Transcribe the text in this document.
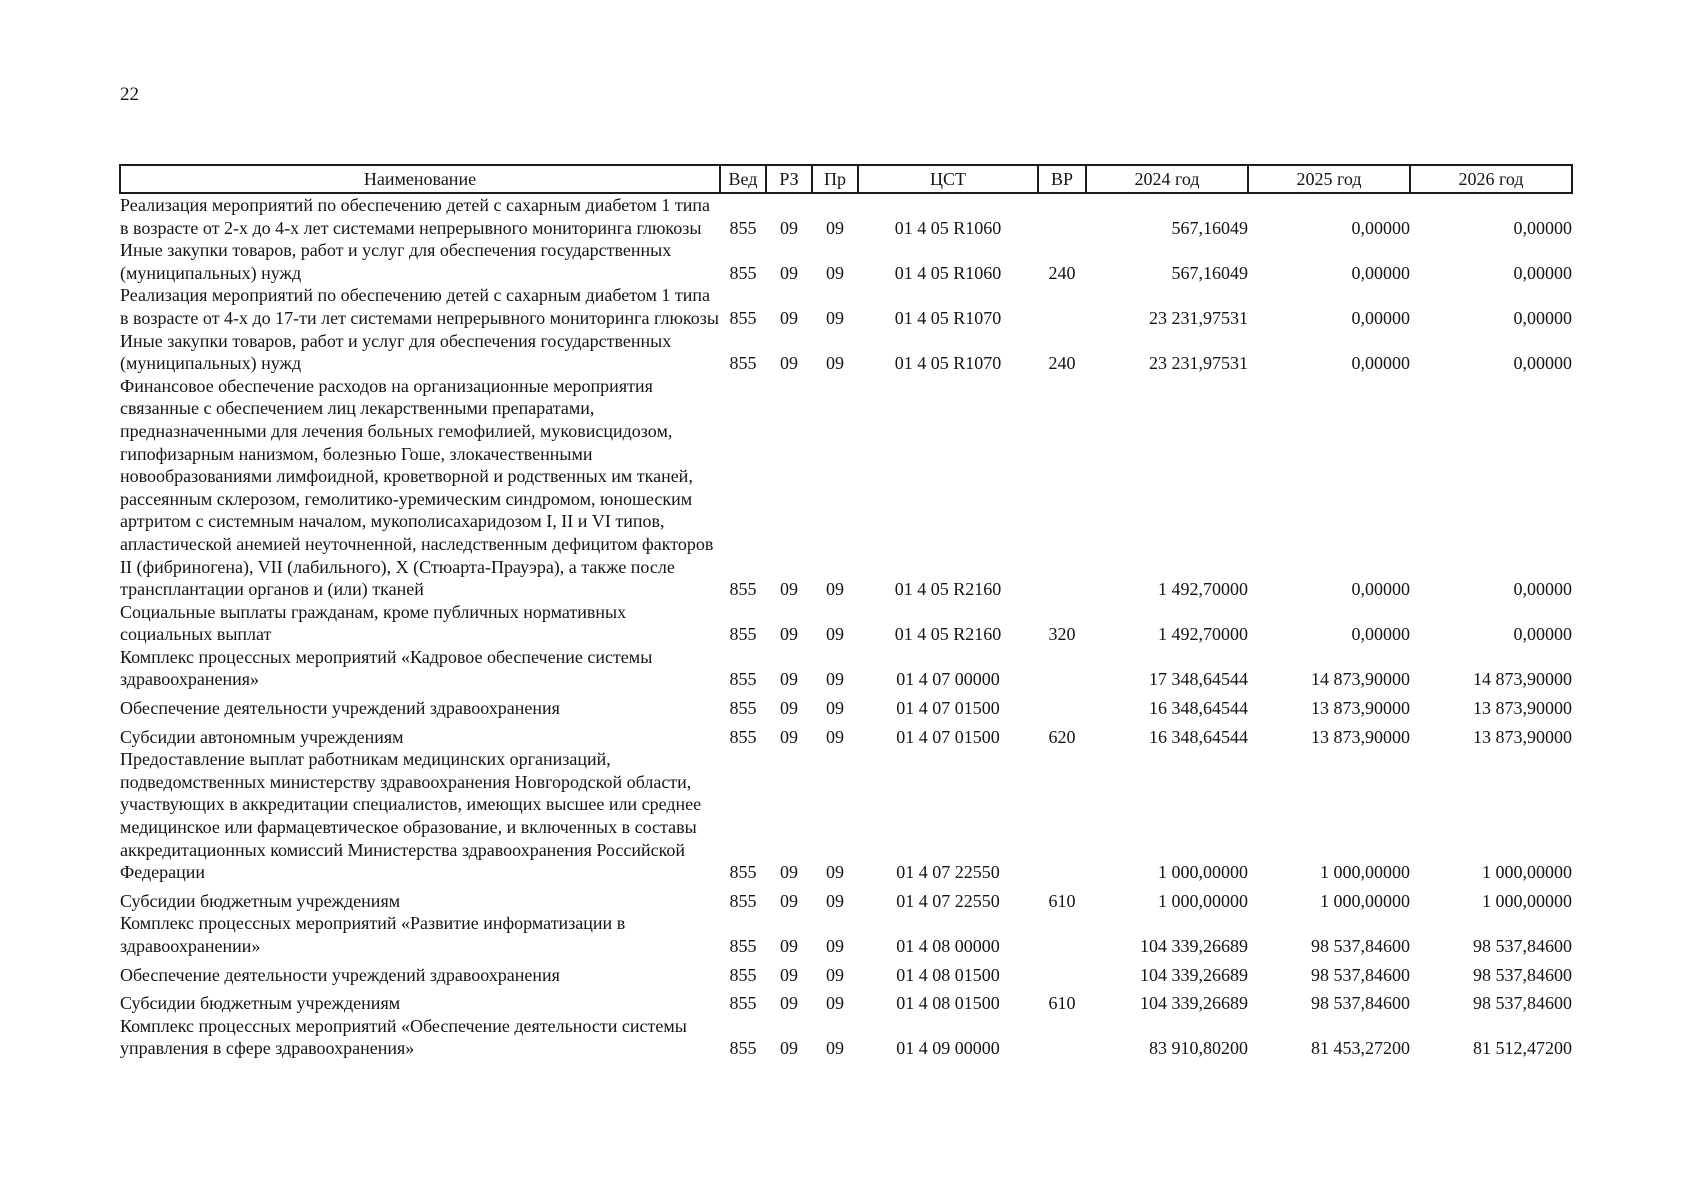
22
Наименование	Вед	РЗ	Пр	ЦСТ	ВР	2024 год	2025 год	2026 год
Реализация мероприятий по обеспечению детей с сахарным диабетом 1 типа в возрасте от 2-х до 4-х лет системами непрерывного мониторинга глюкозы	855	09	09	01 4 05 R1060		567,16049	0,00000	0,00000
Иные закупки товаров, работ и услуг для обеспечения государственных (муниципальных) нужд	855	09	09	01 4 05 R1060	240	567,16049	0,00000	0,00000
Реализация мероприятий по обеспечению детей с сахарным диабетом 1 типа в возрасте от 4-х до 17-ти лет системами непрерывного мониторинга глюкозы	855	09	09	01 4 05 R1070		23 231,97531	0,00000	0,00000
Иные закупки товаров, работ и услуг для обеспечения государственных (муниципальных) нужд	855	09	09	01 4 05 R1070	240	23 231,97531	0,00000	0,00000
Финансовое обеспечение расходов на организационные мероприятия связанные с обеспечением лиц лекарственными препаратами, предназначенными для лечения больных гемофилией, муковисцидозом, гипофизарным нанизмом, болезнью Гоше, злокачественными новообразованиями лимфоидной, кроветворной и родственных им тканей, рассеянным склерозом, гемолитико-уремическим синдромом, юношеским артритом с системным началом, мукополисахаридозом I, II и VI типов, апластической анемией неуточненной, наследственным дефицитом факторов II (фибриногена), VII (лабильного), X (Стюарта-Прауэра), а также после трансплантации органов и (или) тканей	855	09	09	01 4 05 R2160		1 492,70000	0,00000	0,00000
Социальные выплаты гражданам, кроме публичных нормативных социальных выплат	855	09	09	01 4 05 R2160	320	1 492,70000	0,00000	0,00000
Комплекс процессных мероприятий «Кадровое обеспечение системы здравоохранения»	855	09	09	01 4 07 00000		17 348,64544	14 873,90000	14 873,90000
Обеспечение деятельности учреждений здравоохранения	855	09	09	01 4 07 01500		16 348,64544	13 873,90000	13 873,90000
Субсидии автономным учреждениям	855	09	09	01 4 07 01500	620	16 348,64544	13 873,90000	13 873,90000
Предоставление выплат работникам медицинских организаций, подведомственных министерству здравоохранения Новгородской области, участвующих в аккредитации специалистов, имеющих высшее или среднее медицинское или фармацевтическое образование, и включенных в составы аккредитационных комиссий Министерства здравоохранения Российской Федерации	855	09	09	01 4 07 22550		1 000,00000	1 000,00000	1 000,00000
Субсидии бюджетным учреждениям	855	09	09	01 4 07 22550	610	1 000,00000	1 000,00000	1 000,00000
Комплекс процессных мероприятий «Развитие информатизации в здравоохранении»	855	09	09	01 4 08 00000		104 339,26689	98 537,84600	98 537,84600
Обеспечение деятельности учреждений здравоохранения	855	09	09	01 4 08 01500		104 339,26689	98 537,84600	98 537,84600
Субсидии бюджетным учреждениям	855	09	09	01 4 08 01500	610	104 339,26689	98 537,84600	98 537,84600
Комплекс процессных мероприятий «Обеспечение деятельности системы управления в сфере здравоохранения»	855	09	09	01 4 09 00000		83 910,80200	81 453,27200	81 512,47200
